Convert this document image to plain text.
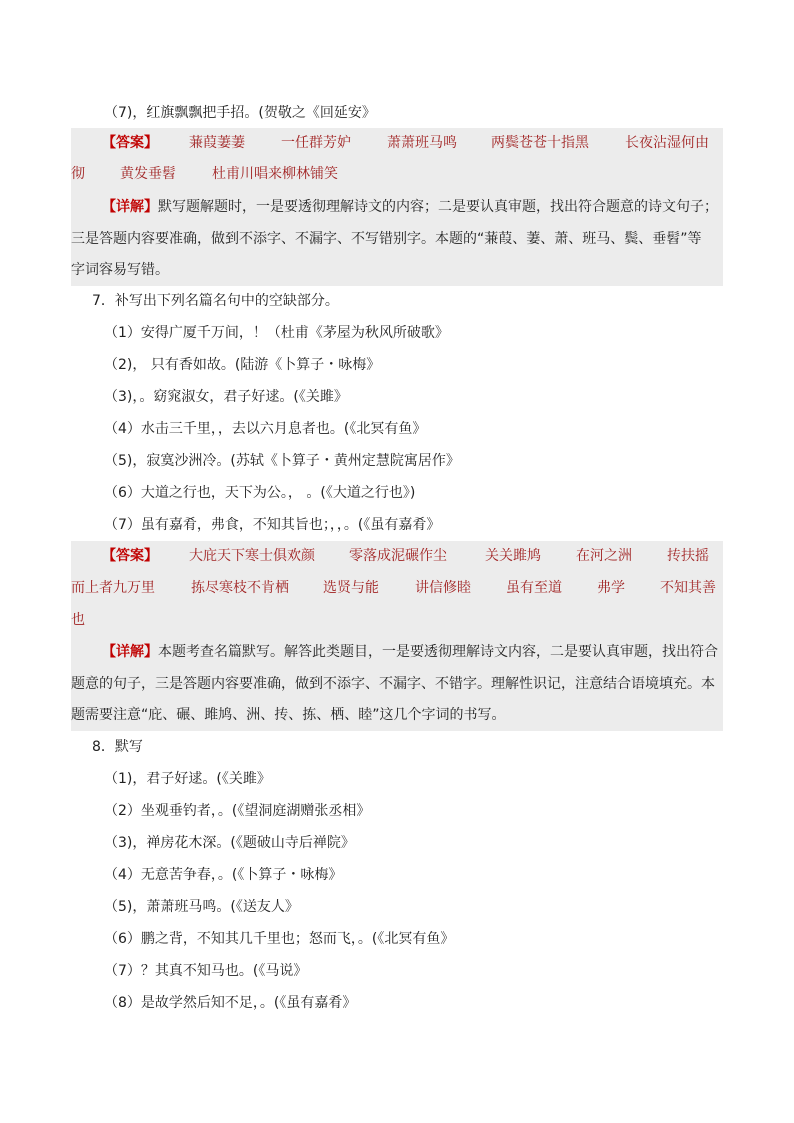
（7)，红旗飘飘把手招。(贺敬之《回延安》
【答案】 蒹葭萋萋	一任群芳妒	萧萧班马鸣 两鬓苍苍十指黑	长夜沾湿何由
彻	黄发垂髫	杜甫川唱来柳林铺笑
【详解】默写题解题时，一是要透彻理解诗文的内容；二是要认真审题，找出符合题意的诗文句子；
三是答题内容要准确，做到不添字、不漏字、不写错别字。本题的“蒹葭、萋、萧、班马、鬓、垂髫”等
字词容易写错。
7．补写出下列名篇名句中的空缺部分。
（1）安得广厦千万间，！（杜甫《茅屋为秋风所破歌》
（2)， 只有香如故。(陆游《卜算子・咏梅》
（3)，。窈窕淑女，君子好逑。(《关雎》
（4）水击三千里，，去以六月息者也。(《北冥有鱼》
（5)，寂寞沙洲冷。(苏轼《卜算子・黄州定慧院寓居作》
（6）大道之行也，天下为公。， 。(《大道之行也》)
（7）虽有嘉肴，弗食，不知其旨也；，，。(《虽有嘉肴》
【答案】 大庇天下寒士俱欢颜 零落成泥碾作尘	关关雎鸠	在河之洲	抟扶摇
而上者九万里	拣尽寒枝不肯栖 选贤与能	讲信修睦	虽有至道	弗学	不知其善
也
【详解】本题考查名篇默写。解答此类题目，一是要透彻理解诗文内容，二是要认真审题，找出符合
题意的句子，三是答题内容要准确，做到不添字、不漏字、不错字。理解性识记，注意结合语境填充。本
题需要注意“庇、碾、雎鸠、洲、抟、拣、栖、睦”这几个字词的书写。
8．默写
（1)，君子好逑。(《关雎》
（2）坐观垂钓者，。(《望洞庭湖赠张丞相》
（3)，禅房花木深。(《题破山寺后禅院》
（4）无意苦争春，。(《卜算子・咏梅》
（5)，萧萧班马鸣。(《送友人》
（6）鹏之背，不知其几千里也；怒而飞，。(《北冥有鱼》
（7）？其真不知马也。(《马说》
（8）是故学然后知不足，。(《虽有嘉肴》
